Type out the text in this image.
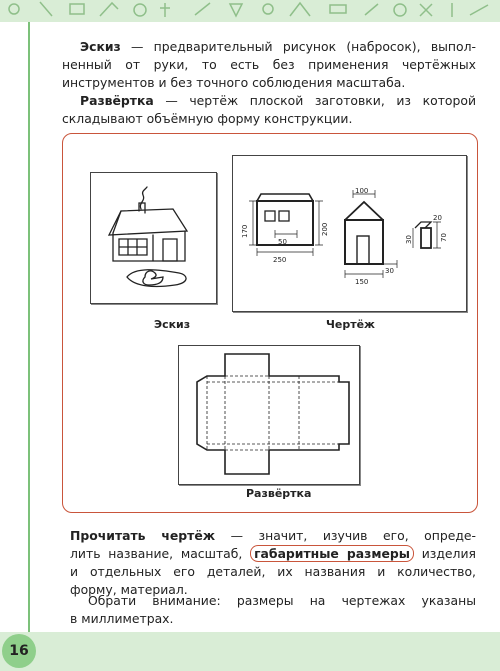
16
Эскиз — предварительный рисунок (набросок), выпол-
ненный от руки, то есть без применения чертёжных
инструментов и без точного соблюдения масштаба.
Развёртка — чертёж плоской заготовки, из которой
складывают объёмную форму конструкции.
100
170
50
200
250
30
150
20
30	70
Эскиз	Чертёж
Развёртка
Прочитать чертёж — значит, изучив его, опреде-
лить название, масштаб, габаритные размеры изделия
и отдельных его деталей, их названия и количество,
форму, материал.
Обрати внимание: размеры на чертежах указаны
в миллиметрах.
